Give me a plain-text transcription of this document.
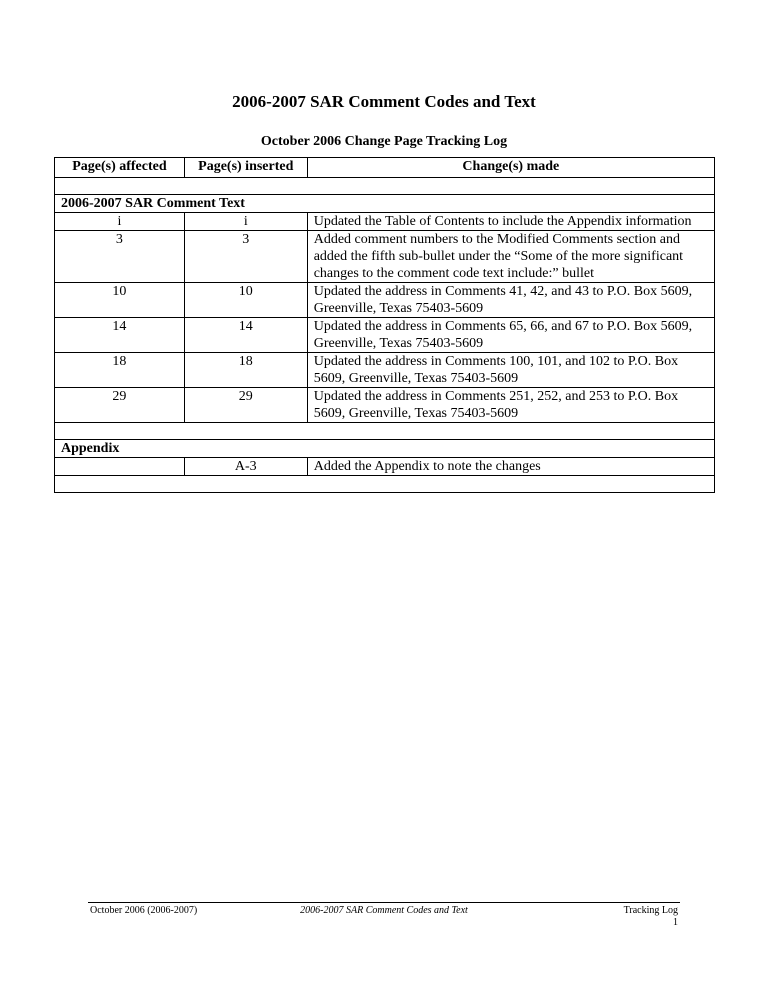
2006-2007 SAR Comment Codes and Text
October 2006 Change Page Tracking Log
Page(s) affected	Page(s) inserted	Change(s) made

2006-2007 SAR Comment Text		
i	i	Updated the Table of Contents to include the Appendix information
3	3	Added comment numbers to the Modified Comments section and added the fifth sub-bullet under the “Some of the more significant changes to the comment code text include:” bullet
10	10	Updated the address in Comments 41, 42, and 43 to P.O. Box 5609, Greenville, Texas 75403-5609
14	14	Updated the address in Comments 65, 66, and 67 to P.O. Box 5609, Greenville, Texas 75403-5609
18	18	Updated the address in Comments 100, 101, and 102 to P.O. Box 5609, Greenville, Texas 75403-5609
29	29	Updated the address in Comments 251, 252, and 253 to P.O. Box 5609, Greenville, Texas 75403-5609

Appendix		
	A-3	Added the Appendix to note the changes

October 2006 (2006-2007)	2006-2007 SAR Comment Codes and Text	Tracking Log
1
